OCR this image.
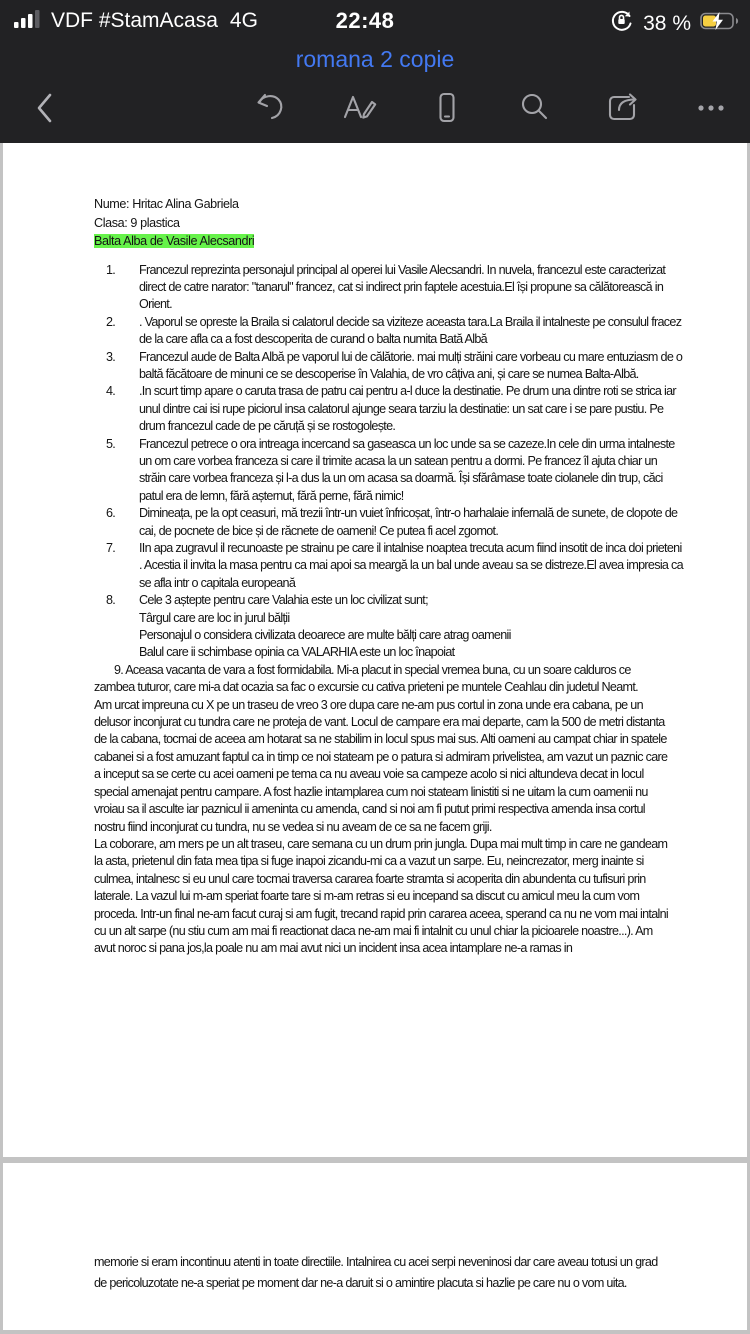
VDF #StamAcasa 4G	22:48	38 %
romana 2 copie
Nume: Hritac Alina Gabriela
Clasa: 9 plastica
Balta Alba de Vasile Alecsandri
1.	Francezul reprezinta personajul principal al operei lui Vasile Alecsandri. In nuvela, francezul este caracterizat direct de catre narator: "tanarul" francez, cat si indirect prin faptele acestuia.El își propune sa călătorească in Orient.
2.	. Vaporul se opreste la Braila si calatorul decide sa viziteze aceasta tara.La Braila il intalneste pe consulul fracez de la care afla ca a fost descoperita de curand o balta numita Bată Albă
3.	Francezul aude de Balta Albă pe vaporul lui de călătorie. mai mulți străini care vorbeau cu mare entuziasm de o baltă făcătoare de minuni ce se descoperise în Valahia, de vro câțiva ani, și care se numea Balta-Albă.
4.	.In scurt timp apare o caruta trasa de patru cai pentru a-l duce la destinatie. Pe drum una dintre roti se strica iar unul dintre cai isi rupe piciorul insa calatorul ajunge seara tarziu la destinatie: un sat care i se pare pustiu. Pe drum francezul cade de pe căruță și se rostogolește.
5.	Francezul petrece o ora intreaga incercand sa gaseasca un loc unde sa se cazeze.In cele din urma intalneste un om care vorbea franceza si care il trimite acasa la un satean pentru a dormi. Pe francez îl ajuta chiar un străin care vorbea franceza și l-a dus la un om acasa sa doarmă. Își sfărâmase toate ciolanele din trup, căci patul era de lemn, fără așternut, fără perne, fără nimic!
6.	Dimineața, pe la opt ceasuri, mă trezii într-un vuiet înfricoșat, într-o harhalaie infernală de sunete, de clopote de cai, de pocnete de bice și de răcnete de oameni! Ce putea fi acel zgomot.
7.	IIn apa zugravul il recunoaste pe strainu pe care il intalnise noaptea trecuta acum fiind insotit de inca doi prieteni . Acestia il invita la masa pentru ca mai apoi sa meargă la un bal unde aveau sa se distreze.El avea impresia ca se afla intr o capitala europeană
8.	Cele 3 aștepte pentru care Valahia este un loc civilizat sunt;
Târgul care are loc in jurul bălții
Personajul o considera civilizata deoarece are multe bălți care atrag oamenii
Balul care ii schimbase opinia ca VALARHIA este un loc înapoiat

9. Aceasa vacanta de vara a fost formidabila. Mi-a placut in special vremea buna, cu un soare calduros ce zambea tuturor, care mi-a dat ocazia sa fac o excursie cu cativa prieteni pe muntele Ceahlau din judetul Neamt.

Am urcat impreuna cu X pe un traseu de vreo 3 ore dupa care ne-am pus cortul in zona unde era cabana, pe un delusor inconjurat cu tundra care ne proteja de vant. Locul de campare era mai departe, cam la 500 de metri distanta de la cabana, tocmai de aceea am hotarat sa ne stabilim in locul spus mai sus. Alti oameni au campat chiar in spatele cabanei si a fost amuzant faptul ca in timp ce noi stateam pe o patura si admiram privelistea, am vazut un paznic care a inceput sa se certe cu acei oameni pe tema ca nu aveau voie sa campeze acolo si nici altundeva decat in locul special amenajat pentru campare. A fost hazlie intamplarea cum noi stateam linistiti si ne uitam la cum oamenii nu vroiau sa il asculte iar paznicul ii ameninta cu amenda, cand si noi am fi putut primi respectiva amenda insa cortul nostru fiind inconjurat cu tundra, nu se vedea si nu aveam de ce sa ne facem griji.

La coborare, am mers pe un alt traseu, care semana cu un drum prin jungla. Dupa mai mult timp in care ne gandeam la asta, prietenul din fata mea tipa si fuge inapoi zicandu-mi ca a vazut un sarpe. Eu, neincrezator, merg inainte si culmea, intalnesc si eu unul care tocmai traversa cararea foarte stramta si acoperita din abundenta cu tufisuri prin laterale. La vazul lui m-am speriat foarte tare si m-am retras si eu incepand sa discut cu amicul meu la cum vom proceda. Intr-un final ne-am facut curaj si am fugit, trecand rapid prin cararea aceea, sperand ca nu ne vom mai intalni cu un alt sarpe (nu stiu cum am mai fi reactionat daca ne-am mai fi intalnit cu unul chiar la picioarele noastre...). Am avut noroc si pana jos,la poale nu am mai avut nici un incident insa acea intamplare ne-a ramas in

memorie si eram incontinuu atenti in toate directiile. Intalnirea cu acei serpi neveninosi dar care aveau totusi un grad de pericoluzotate ne-a speriat pe moment dar ne-a daruit si o amintire placuta si hazlie pe care nu o vom uita.
